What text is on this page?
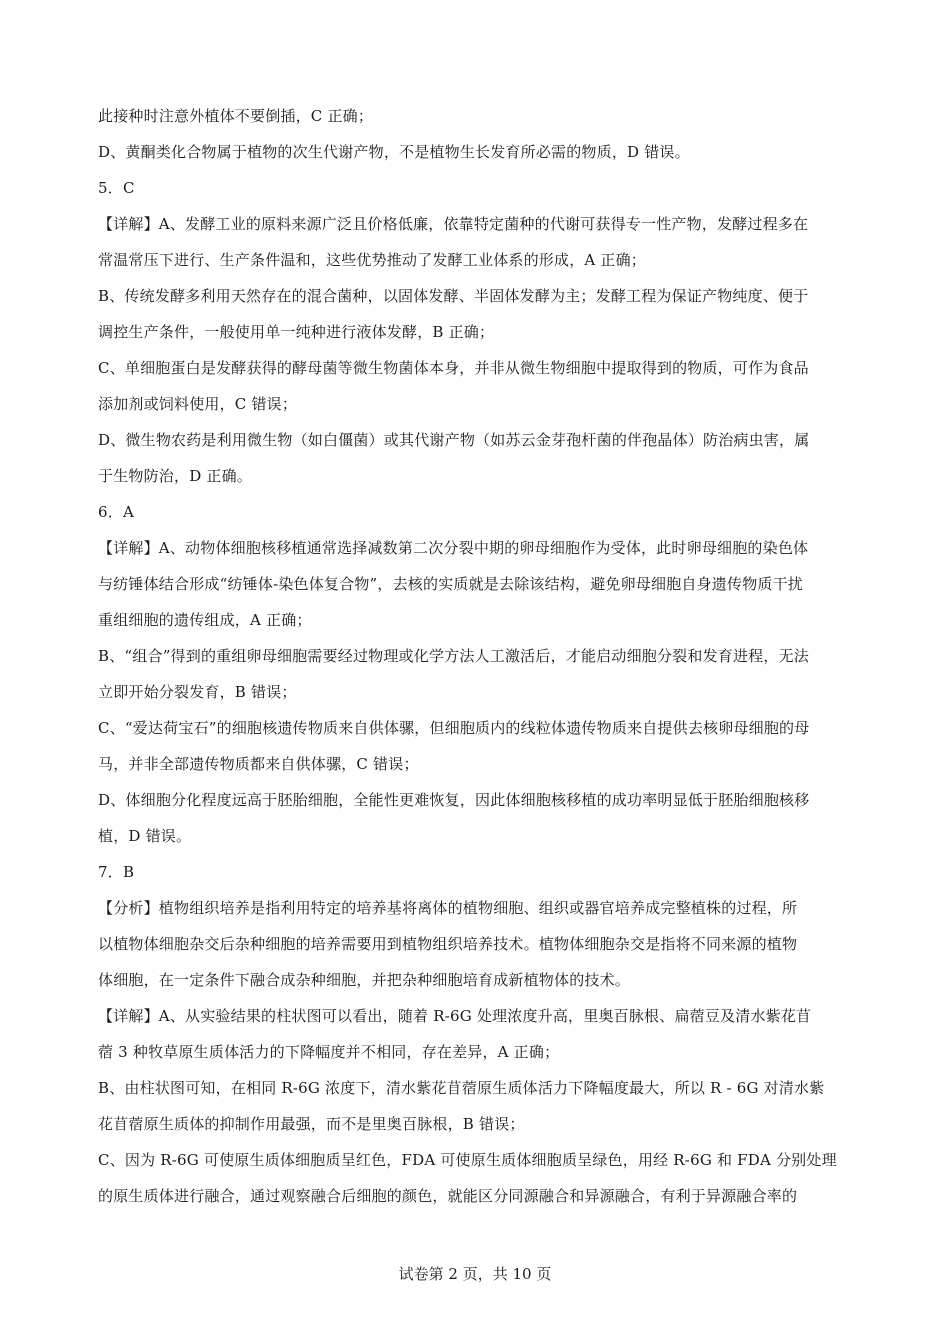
此接种时注意外植体不要倒插，C 正确；
D、黄酮类化合物属于植物的次生代谢产物，不是植物生长发育所必需的物质，D 错误。
5．C
【详解】A、发酵工业的原料来源广泛且价格低廉，依靠特定菌种的代谢可获得专一性产物，发酵过程多在
常温常压下进行、生产条件温和，这些优势推动了发酵工业体系的形成，A 正确；
B、传统发酵多利用天然存在的混合菌种，以固体发酵、半固体发酵为主；发酵工程为保证产物纯度、便于
调控生产条件，一般使用单一纯种进行液体发酵，B 正确；
C、单细胞蛋白是发酵获得的酵母菌等微生物菌体本身，并非从微生物细胞中提取得到的物质，可作为食品
添加剂或饲料使用，C 错误；
D、微生物农药是利用微生物（如白僵菌）或其代谢产物（如苏云金芽孢杆菌的伴孢晶体）防治病虫害，属
于生物防治，D 正确。
6．A
【详解】A、动物体细胞核移植通常选择减数第二次分裂中期的卵母细胞作为受体，此时卵母细胞的染色体
与纺锤体结合形成“纺锤体-染色体复合物”，去核的实质就是去除该结构，避免卵母细胞自身遗传物质干扰
重组细胞的遗传组成，A 正确；
B、“组合”得到的重组卵母细胞需要经过物理或化学方法人工激活后，才能启动细胞分裂和发育进程，无法
立即开始分裂发育，B 错误；
C、“爱达荷宝石”的细胞核遗传物质来自供体骡，但细胞质内的线粒体遗传物质来自提供去核卵母细胞的母
马，并非全部遗传物质都来自供体骡，C 错误；
D、体细胞分化程度远高于胚胎细胞，全能性更难恢复，因此体细胞核移植的成功率明显低于胚胎细胞核移
植，D 错误。
7．B
【分析】植物组织培养是指利用特定的培养基将离体的植物细胞、组织或器官培养成完整植株的过程，所
以植物体细胞杂交后杂种细胞的培养需要用到植物组织培养技术。植物体细胞杂交是指将不同来源的植物
体细胞，在一定条件下融合成杂种细胞，并把杂种细胞培育成新植物体的技术。
【详解】A、从实验结果的柱状图可以看出，随着 R-6G 处理浓度升高，里奥百脉根、扁蓿豆及清水紫花苜
蓿 3 种牧草原生质体活力的下降幅度并不相同，存在差异，A 正确；
B、由柱状图可知，在相同 R-6G 浓度下，清水紫花苜蓿原生质体活力下降幅度最大，所以 R - 6G 对清水紫
花苜蓿原生质体的抑制作用最强，而不是里奥百脉根，B 错误；
C、因为 R-6G 可使原生质体细胞质呈红色，FDA 可使原生质体细胞质呈绿色，用经 R-6G 和 FDA 分别处理
的原生质体进行融合，通过观察融合后细胞的颜色，就能区分同源融合和异源融合，有利于异源融合率的
试卷第 2 页，共 10 页
